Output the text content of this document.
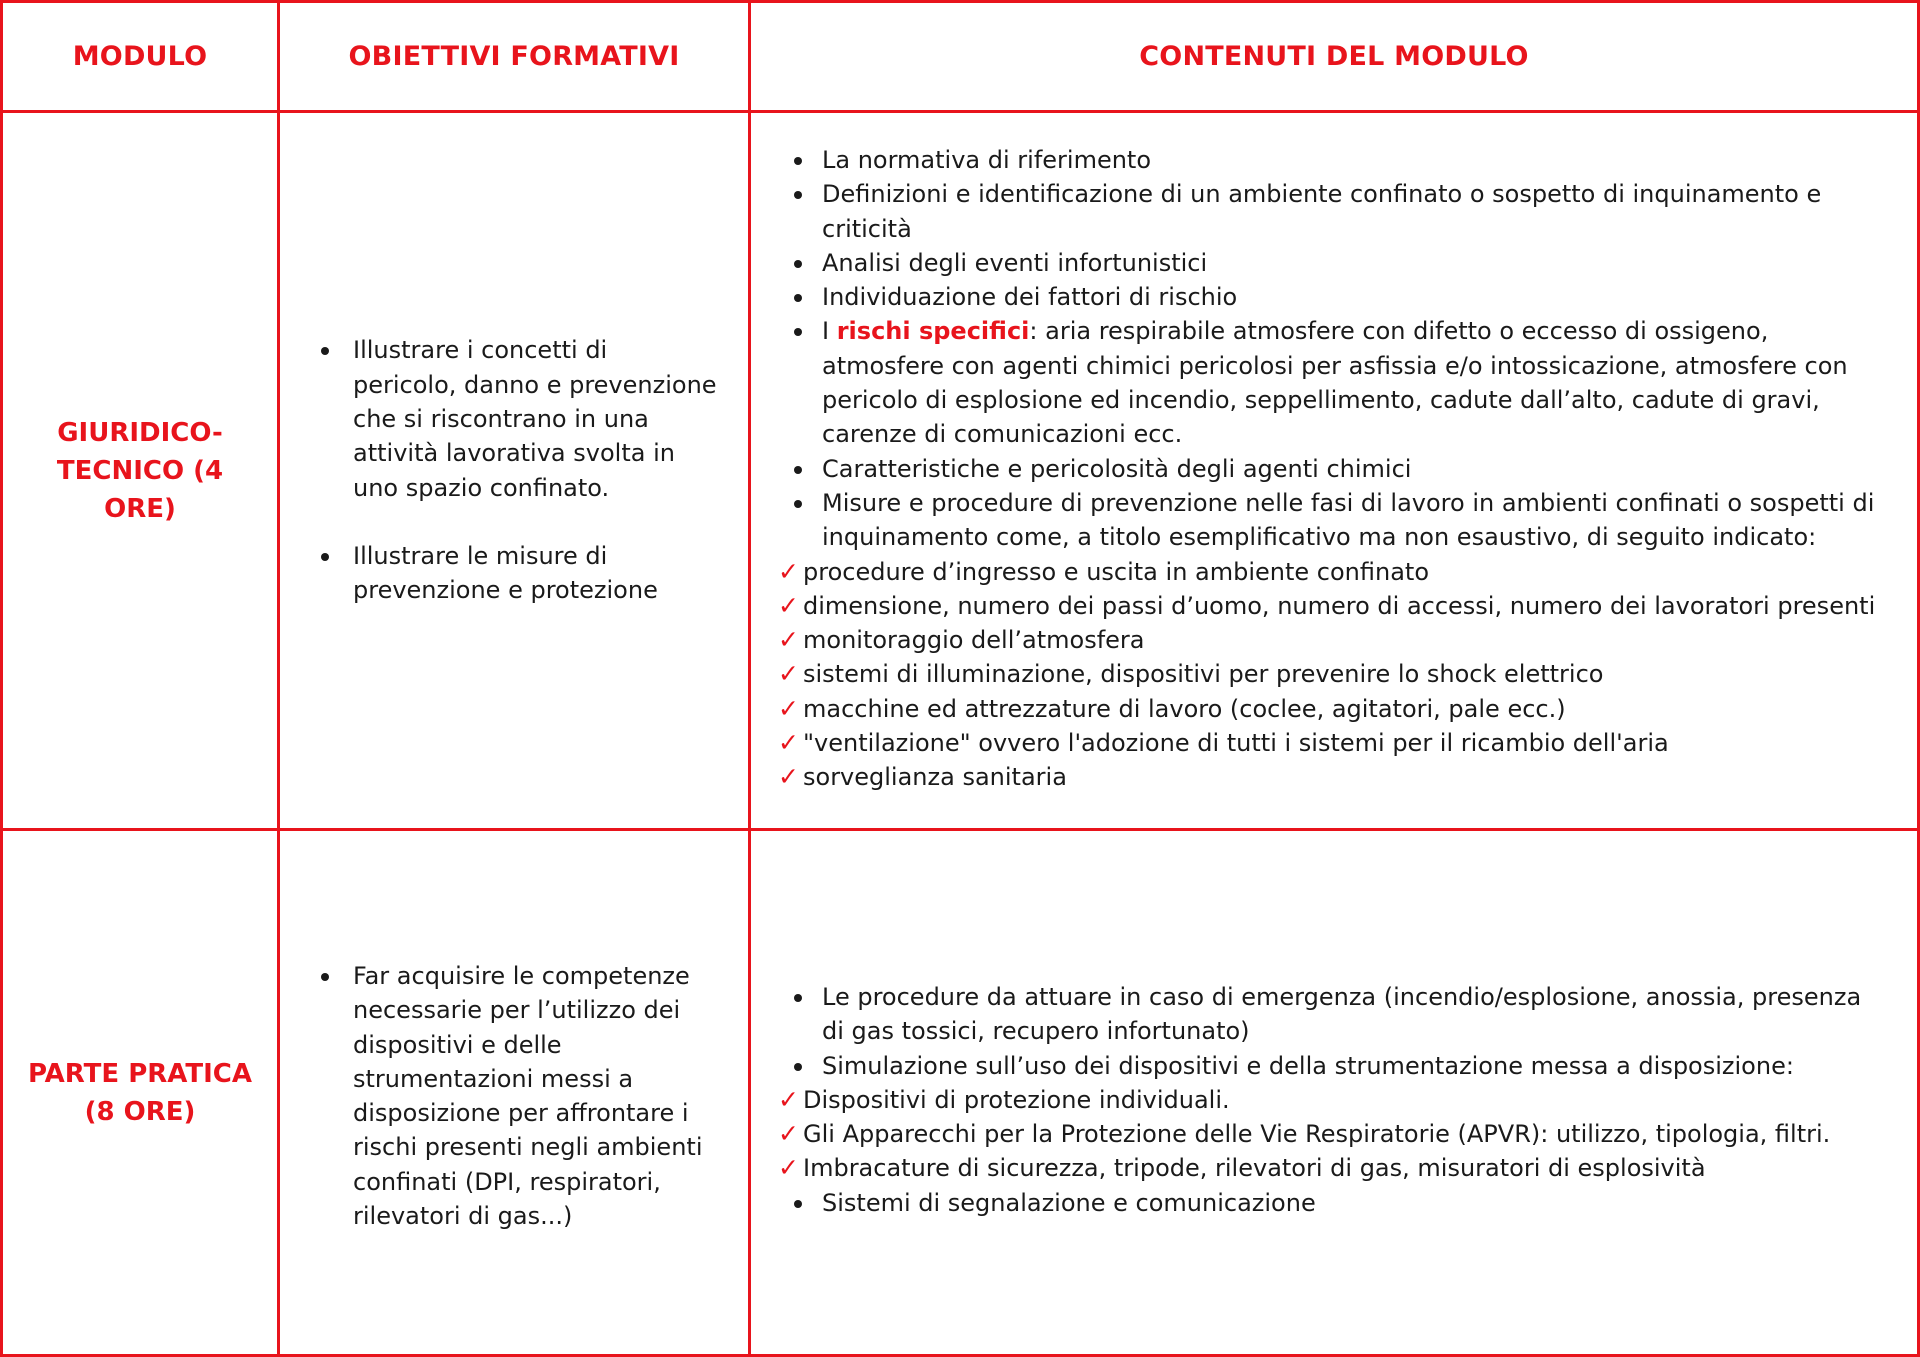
MODULO	OBIETTIVI FORMATIVI	CONTENUTI DEL MODULO
GIURIDICO-
TECNICO (4
ORE)
Illustrare i concetti di pericolo, danno e prevenzione che si riscontrano in una attività lavorativa svolta in uno spazio confinato.
Illustrare le misure di prevenzione e protezione
La normativa di riferimento
Definizioni e identificazione di un ambiente confinato o sospetto di inquinamento e criticità
Analisi degli eventi infortunistici
Individuazione dei fattori di rischio
I rischi specifici: aria respirabile atmosfere con difetto o eccesso di ossigeno, atmosfere con agenti chimici pericolosi per asfissia e/o intossicazione, atmosfere con pericolo di esplosione ed incendio, seppellimento, cadute dall’alto, cadute di gravi, carenze di comunicazioni ecc.
Caratteristiche e pericolosità degli agenti chimici
Misure e procedure di prevenzione nelle fasi di lavoro in ambienti confinati o sospetti di inquinamento come, a titolo esemplificativo ma non esaustivo, di seguito indicato:
✓ procedure d’ingresso e uscita in ambiente confinato
✓ dimensione, numero dei passi d’uomo, numero di accessi, numero dei lavoratori presenti
✓ monitoraggio dell’atmosfera
✓ sistemi di illuminazione, dispositivi per prevenire lo shock elettrico
✓ macchine ed attrezzature di lavoro (coclee, agitatori, pale ecc.)
✓ "ventilazione" ovvero l'adozione di tutti i sistemi per il ricambio dell'aria
✓ sorveglianza sanitaria
PARTE PRATICA
(8 ORE)
Far acquisire le competenze necessarie per l’utilizzo dei dispositivi e delle strumentazioni messi a disposizione per affrontare i rischi presenti negli ambienti confinati (DPI, respiratori, rilevatori di gas...)
Le procedure da attuare in caso di emergenza (incendio/esplosione, anossia, presenza di gas tossici, recupero infortunato)
Simulazione sull’uso dei dispositivi e della strumentazione messa a disposizione:
✓ Dispositivi di protezione individuali.
✓ Gli Apparecchi per la Protezione delle Vie Respiratorie (APVR): utilizzo, tipologia, filtri.
✓ Imbracature di sicurezza, tripode, rilevatori di gas, misuratori di esplosività
Sistemi di segnalazione e comunicazione
